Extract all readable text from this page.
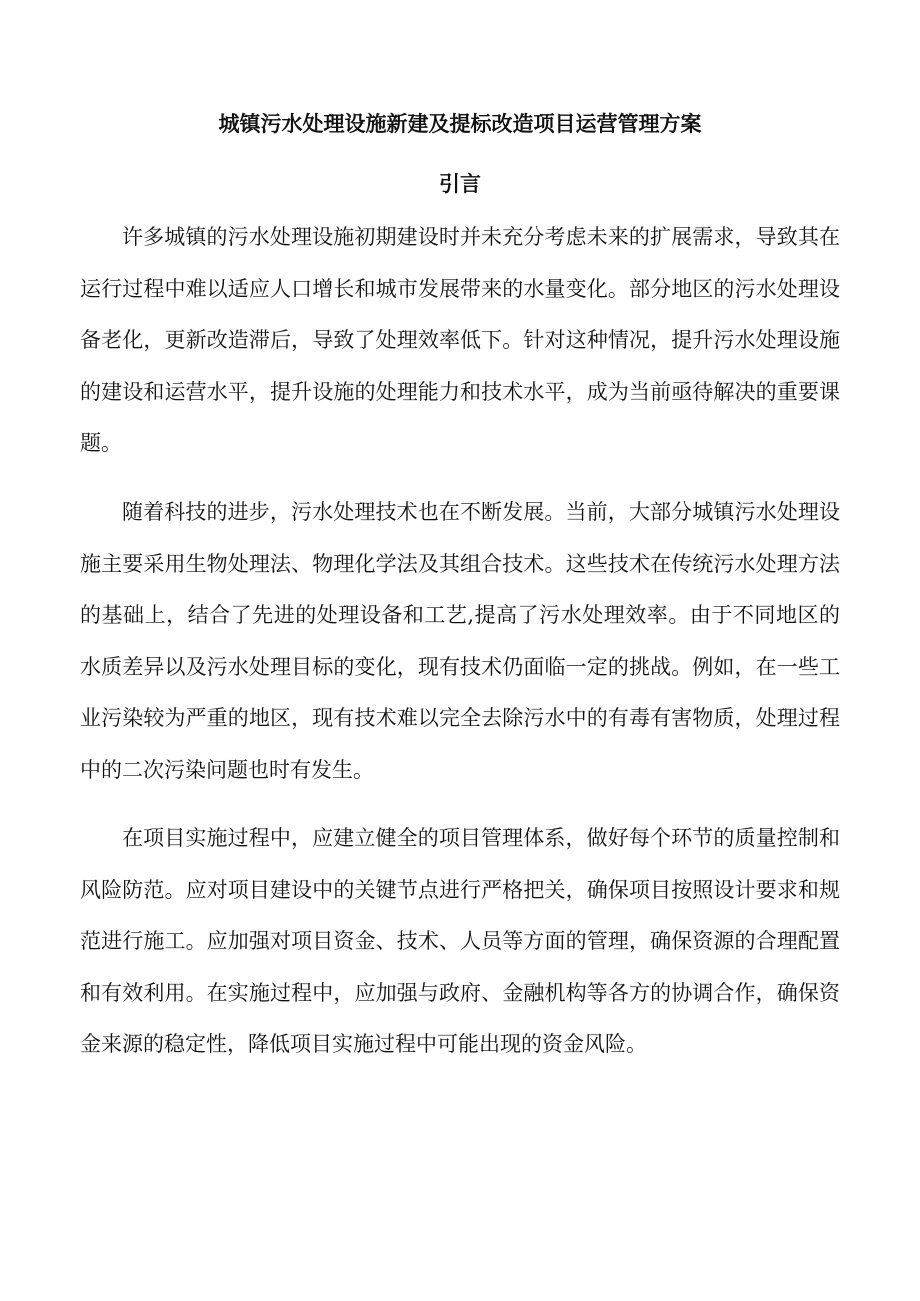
城镇污水处理设施新建及提标改造项目运营管理方案
引言

许多城镇的污水处理设施初期建设时并未充分考虑未来的扩展需求，导致其在运行过程中难以适应人口增长和城市发展带来的水量变化。部分地区的污水处理设备老化，更新改造滞后，导致了处理效率低下。针对这种情况，提升污水处理设施的建设和运营水平，提升设施的处理能力和技术水平，成为当前亟待解决的重要课题。

随着科技的进步，污水处理技术也在不断发展。当前，大部分城镇污水处理设施主要采用生物处理法、物理化学法及其组合技术。这些技术在传统污水处理方法的基础上，结合了先进的处理设备和工艺,提高了污水处理效率。由于不同地区的水质差异以及污水处理目标的变化，现有技术仍面临一定的挑战。例如，在一些工业污染较为严重的地区，现有技术难以完全去除污水中的有毒有害物质，处理过程中的二次污染问题也时有发生。

在项目实施过程中，应建立健全的项目管理体系，做好每个环节的质量控制和风险防范。应对项目建设中的关键节点进行严格把关，确保项目按照设计要求和规范进行施工。应加强对项目资金、技术、人员等方面的管理，确保资源的合理配置和有效利用。在实施过程中，应加强与政府、金融机构等各方的协调合作，确保资金来源的稳定性，降低项目实施过程中可能出现的资金风险。
